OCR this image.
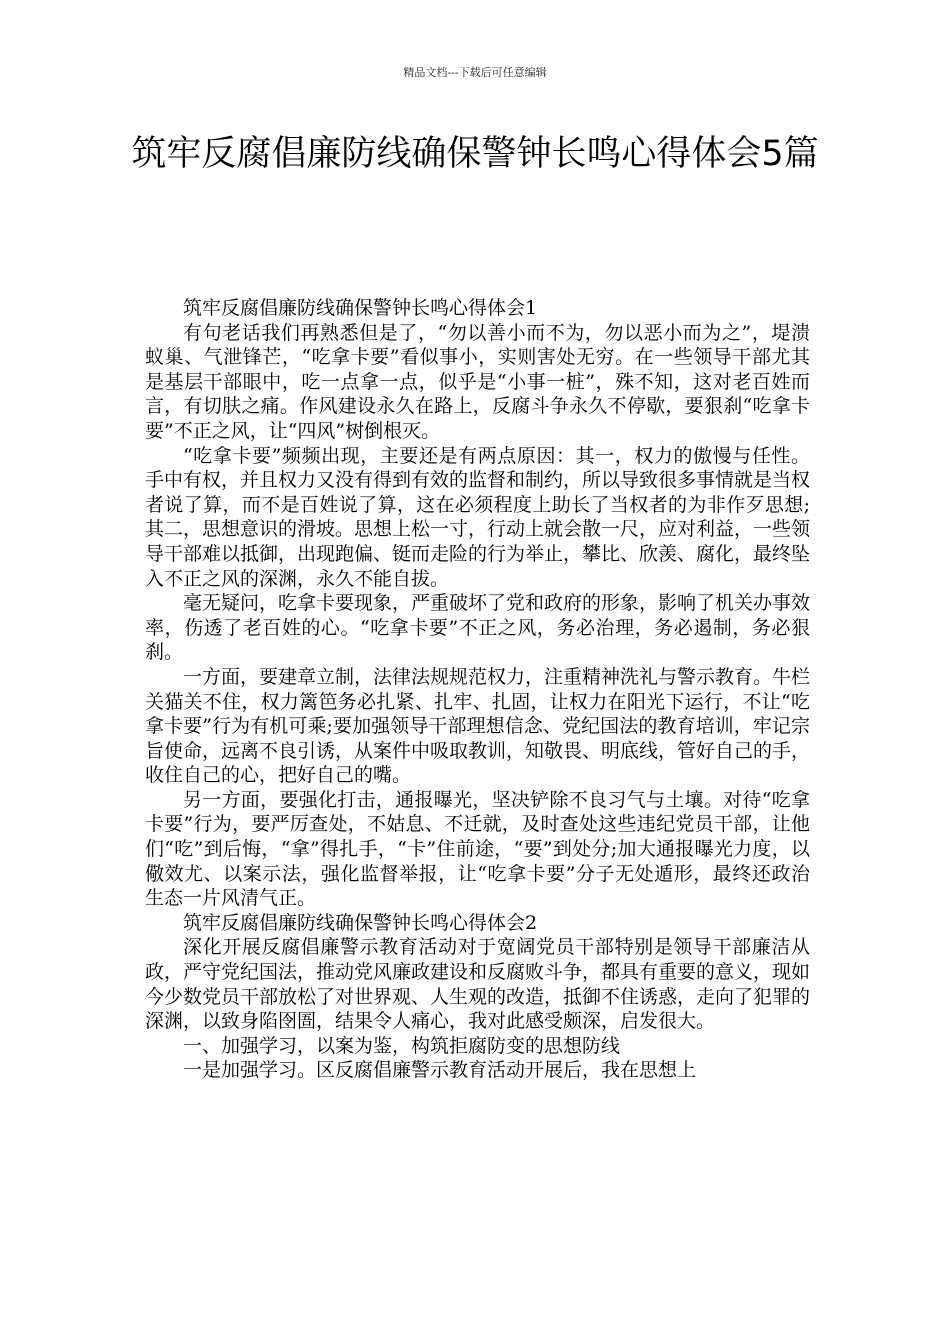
精品文档---下载后可任意编辑
筑牢反腐倡廉防线确保警钟长鸣心得体会5篇

筑牢反腐倡廉防线确保警钟长鸣心得体会1

有句老话我们再熟悉但是了，“勿以善小而不为，勿以恶小而为之”，堤溃蚁巢、气泄锋芒，“吃拿卡要”看似事小，实则害处无穷。在一些领导干部尤其是基层干部眼中，吃一点拿一点，似乎是“小事一桩”，殊不知，这对老百姓而言，有切肤之痛。作风建设永久在路上，反腐斗争永久不停歇，要狠刹“吃拿卡要”不正之风，让“四风”树倒根灭。

“吃拿卡要”频频出现，主要还是有两点原因：其一，权力的傲慢与任性。手中有权，并且权力又没有得到有效的监督和制约，所以导致很多事情就是当权者说了算，而不是百姓说了算，这在必须程度上助长了当权者的为非作歹思想;其二，思想意识的滑坡。思想上松一寸，行动上就会散一尺，应对利益，一些领导干部难以抵御，出现跑偏、铤而走险的行为举止，攀比、欣羡、腐化，最终坠入不正之风的深渊，永久不能自拔。

毫无疑问，吃拿卡要现象，严重破坏了党和政府的形象，影响了机关办事效率，伤透了老百姓的心。“吃拿卡要”不正之风，务必治理，务必遏制，务必狠刹。

一方面，要建章立制，法律法规规范权力，注重精神洗礼与警示教育。牛栏关猫关不住，权力篱笆务必扎紧、扎牢、扎固，让权力在阳光下运行，不让“吃拿卡要”行为有机可乘;要加强领导干部理想信念、党纪国法的教育培训，牢记宗旨使命，远离不良引诱，从案件中吸取教训，知敬畏、明底线，管好自己的手，收住自己的心，把好自己的嘴。

另一方面，要强化打击，通报曝光，坚决铲除不良习气与土壤。对待“吃拿卡要”行为，要严厉查处，不姑息、不迁就，及时查处这些违纪党员干部，让他们“吃”到后悔，“拿”得扎手，“卡”住前途，“要”到处分;加大通报曝光力度，以儆效尤、以案示法，强化监督举报，让“吃拿卡要”分子无处遁形，最终还政治生态一片风清气正。

筑牢反腐倡廉防线确保警钟长鸣心得体会2

深化开展反腐倡廉警示教育活动对于宽阔党员干部特别是领导干部廉洁从政，严守党纪国法，推动党风廉政建设和反腐败斗争，都具有重要的意义，现如今少数党员干部放松了对世界观、人生观的改造，抵御不住诱惑，走向了犯罪的深渊，以致身陷囹圄，结果令人痛心，我对此感受颇深，启发很大。

一、加强学习，以案为鉴，构筑拒腐防变的思想防线

一是加强学习。区反腐倡廉警示教育活动开展后，我在思想上
